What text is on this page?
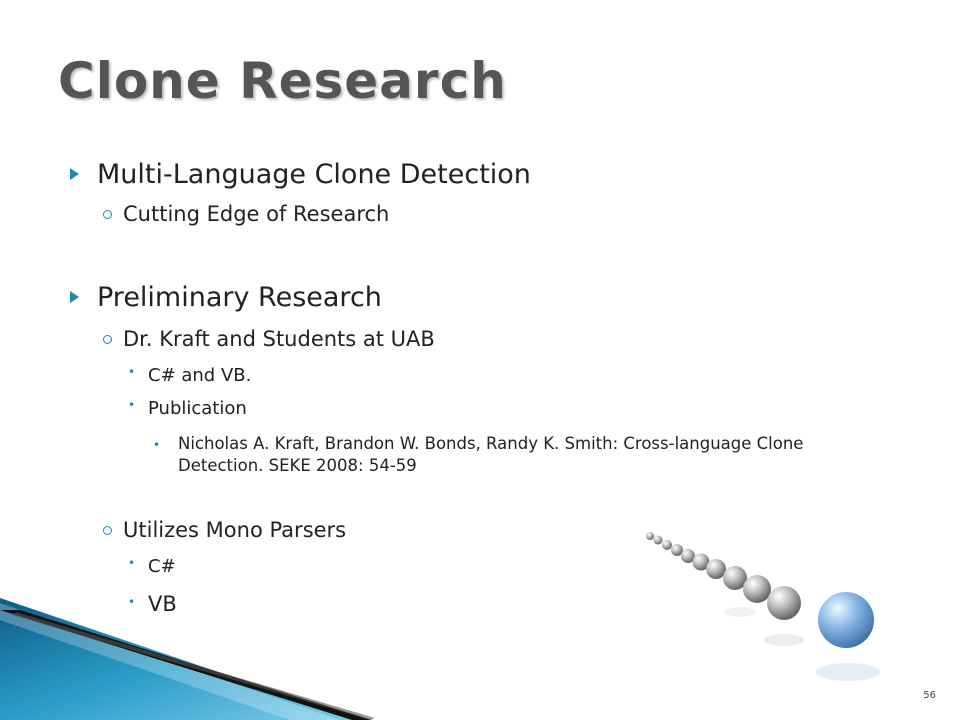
Clone Research
Multi-Language Clone Detection
Cutting Edge of Research
Preliminary Research
Dr. Kraft and Students at UAB
• C# and VB.
• Publication
•	Nicholas A. Kraft, Brandon W. Bonds, Randy K. Smith: Cross-language Clone Detection. SEKE 2008: 54-59
Utilizes Mono Parsers
• C#
• VB
56
